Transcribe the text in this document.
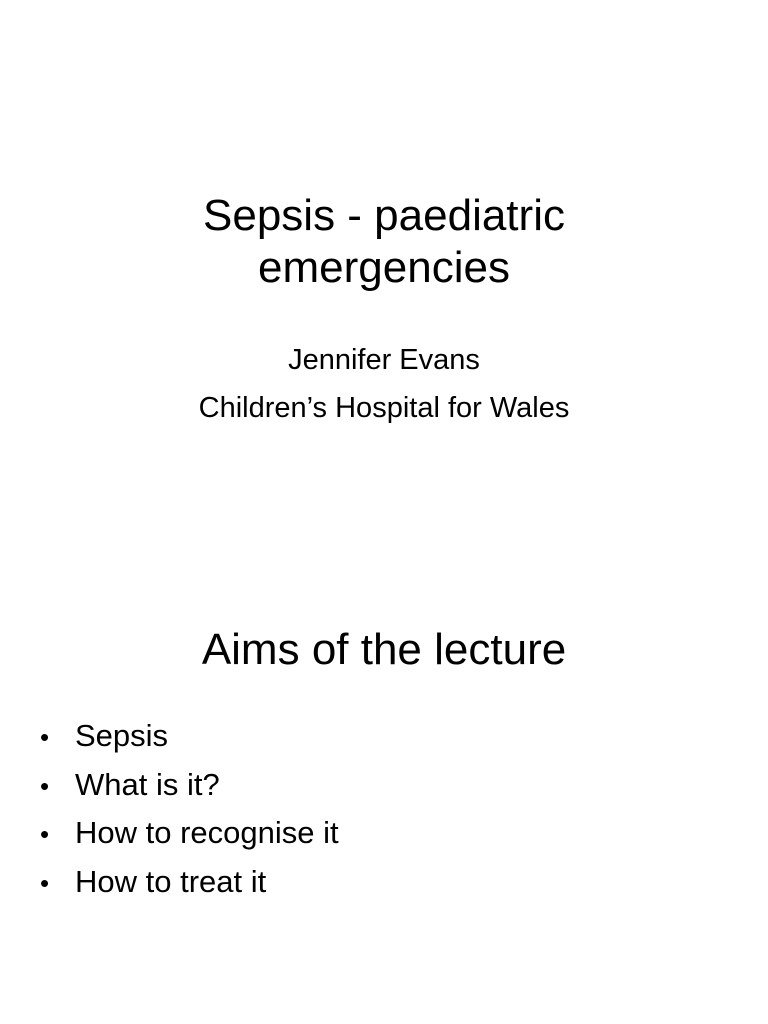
Sepsis - paediatric
emergencies
Jennifer Evans
Children’s Hospital for Wales
Aims of the lecture
• Sepsis
• What is it?
• How to recognise it
• How to treat it
